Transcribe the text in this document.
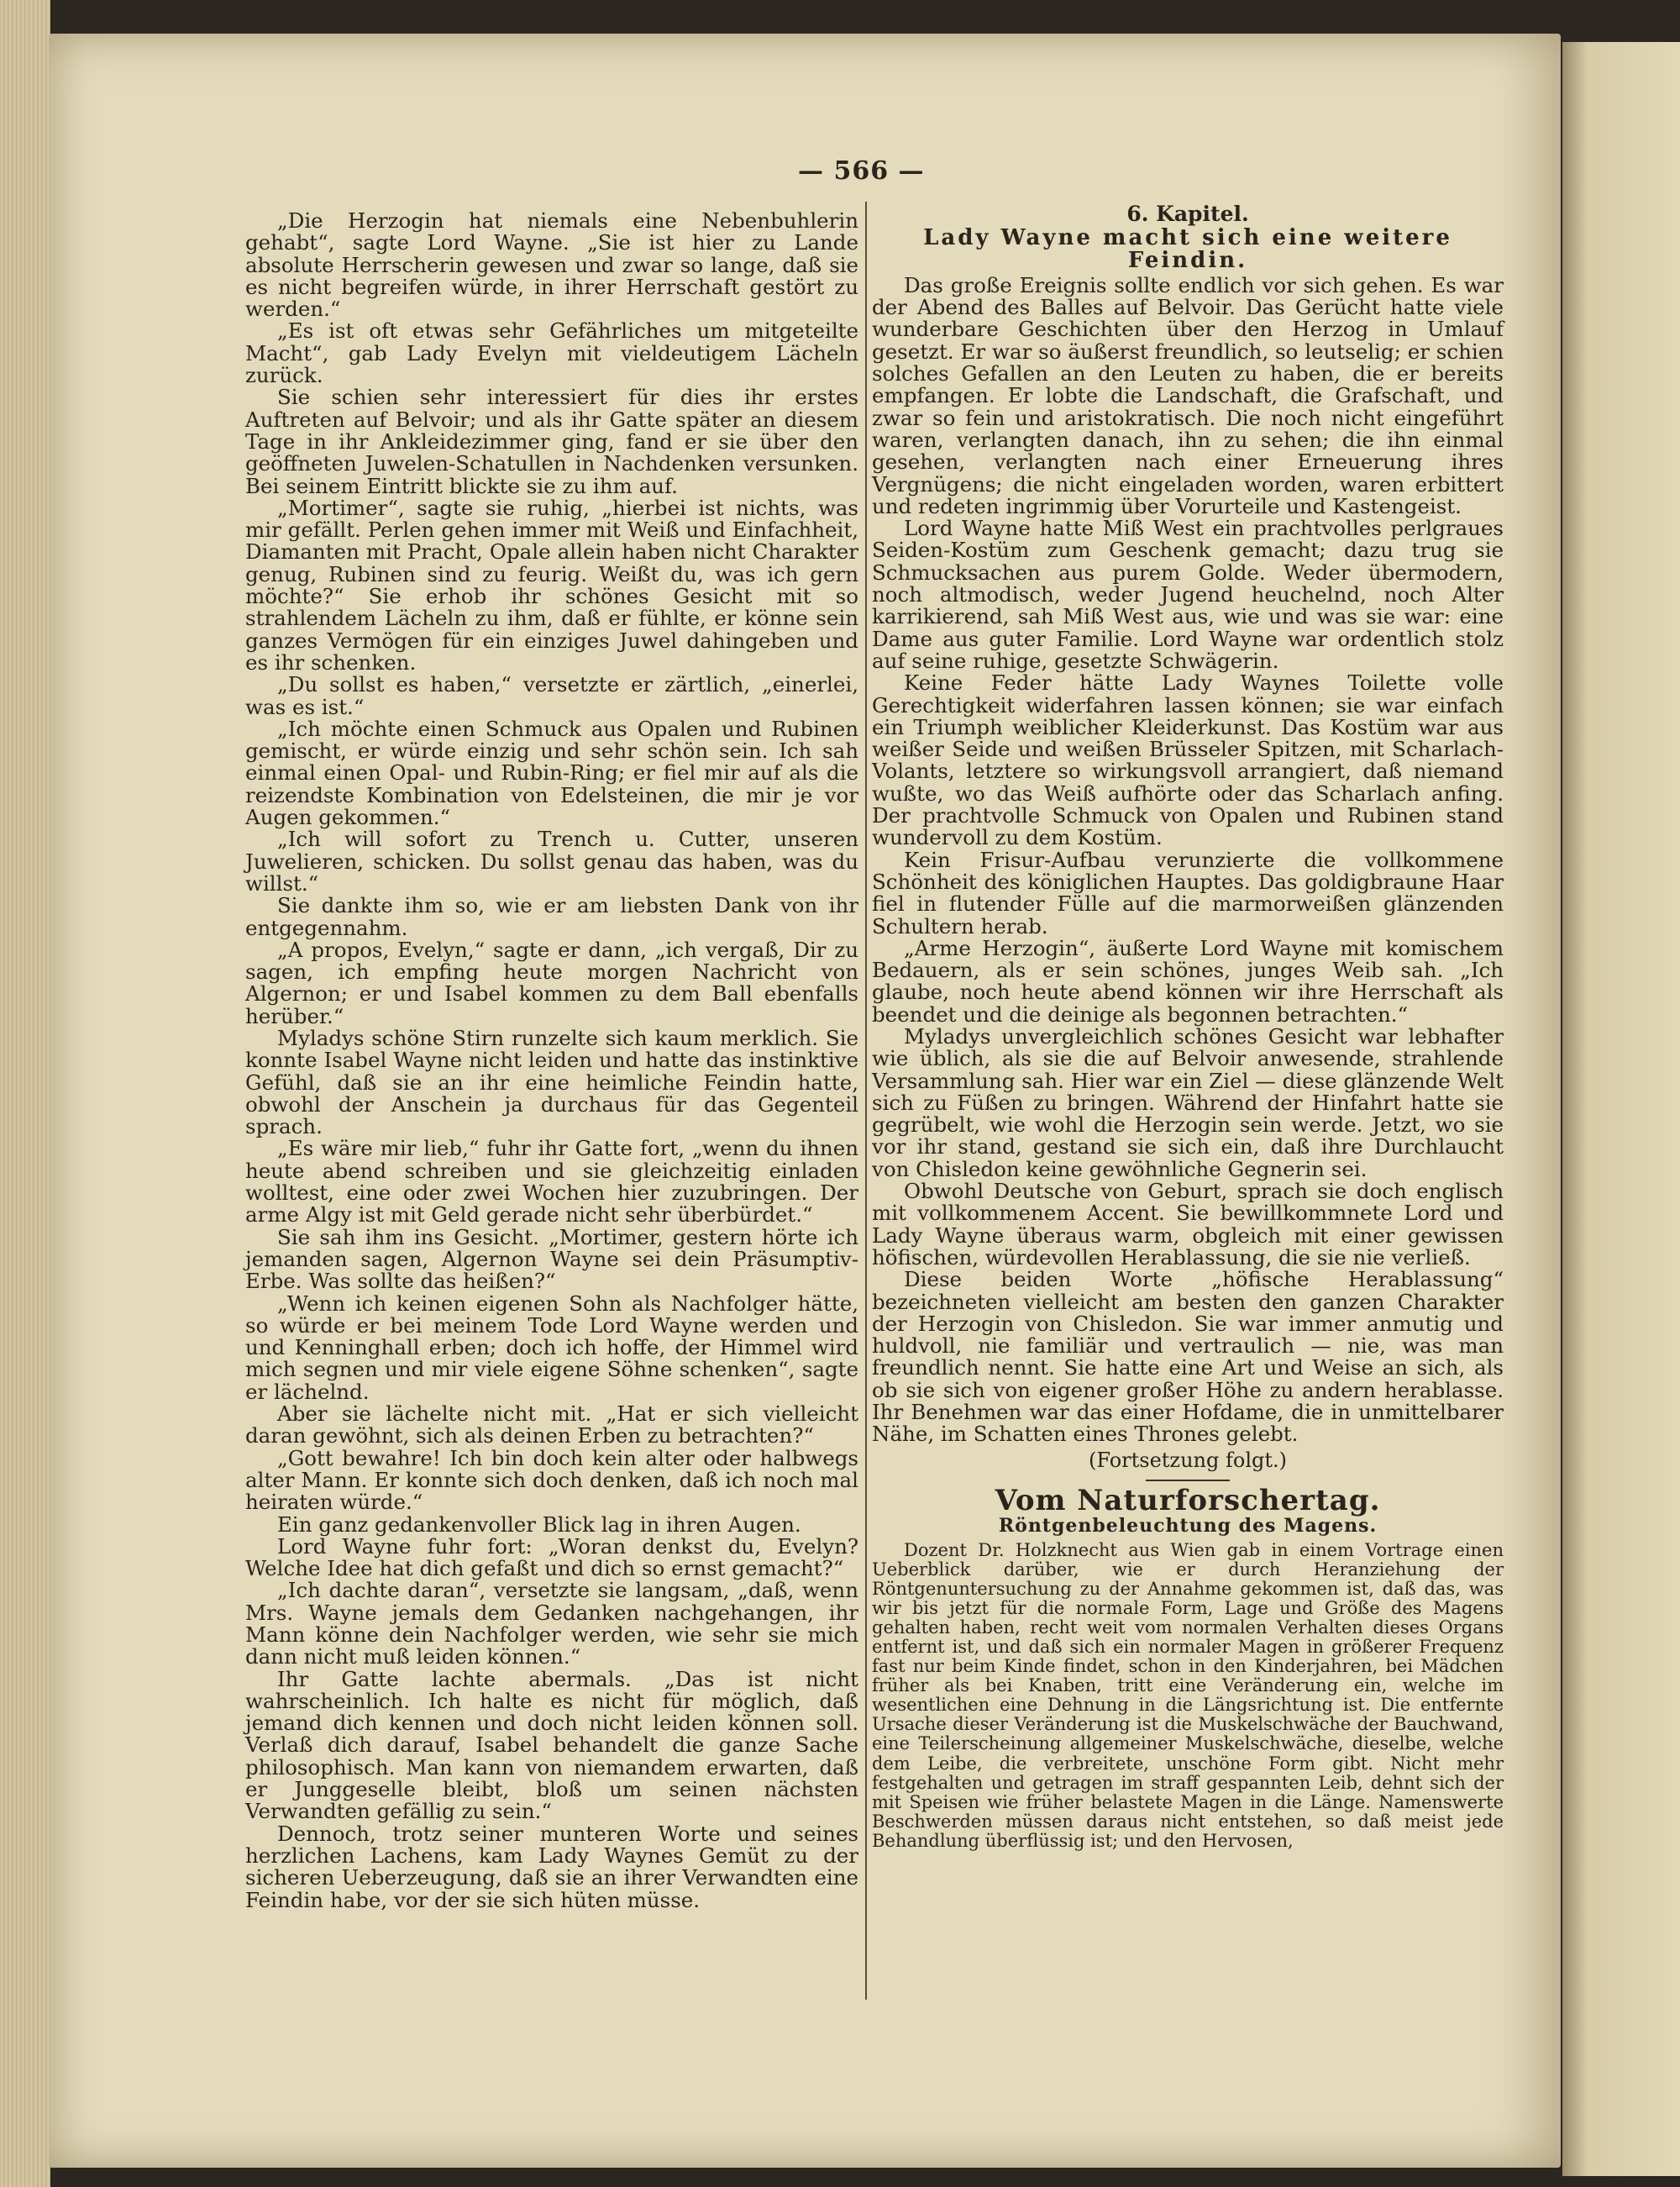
— 566 —

„Die Herzogin hat niemals eine Nebenbuhlerin gehabt“, sagte Lord Wayne. „Sie ist hier zu Lande absolute Herrscherin gewesen und zwar so lange, daß sie es nicht begreifen würde, in ihrer Herrschaft gestört zu werden.“

„Es ist oft etwas sehr Gefährliches um mitgeteilte Macht“, gab Lady Evelyn mit vieldeutigem Lächeln zurück.

Sie schien sehr interessiert für dies ihr erstes Auftreten auf Belvoir; und als ihr Gatte später an diesem Tage in ihr Ankleidezimmer ging, fand er sie über den geöffneten Juwelen-Schatullen in Nachdenken versunken. Bei seinem Eintritt blickte sie zu ihm auf.

„Mortimer“, sagte sie ruhig, „hierbei ist nichts, was mir gefällt. Perlen gehen immer mit Weiß und Einfachheit, Diamanten mit Pracht, Opale allein haben nicht Charakter genug, Rubinen sind zu feurig. Weißt du, was ich gern möchte?“ Sie erhob ihr schönes Gesicht mit so strahlendem Lächeln zu ihm, daß er fühlte, er könne sein ganzes Vermögen für ein einziges Juwel dahingeben und es ihr schenken.

„Du sollst es haben,“ versetzte er zärtlich, „einerlei, was es ist.“

„Ich möchte einen Schmuck aus Opalen und Rubinen gemischt, er würde einzig und sehr schön sein. Ich sah einmal einen Opal- und Rubin-Ring; er fiel mir auf als die reizendste Kombination von Edelsteinen, die mir je vor Augen gekommen.“

„Ich will sofort zu Trench u. Cutter, unseren Juwelieren, schicken. Du sollst genau das haben, was du willst.“

Sie dankte ihm so, wie er am liebsten Dank von ihr entgegennahm.

„A propos, Evelyn,“ sagte er dann, „ich vergaß, Dir zu sagen, ich empfing heute morgen Nachricht von Algernon; er und Isabel kommen zu dem Ball ebenfalls herüber.“

Myladys schöne Stirn runzelte sich kaum merklich. Sie konnte Isabel Wayne nicht leiden und hatte das instinktive Gefühl, daß sie an ihr eine heimliche Feindin hatte, obwohl der Anschein ja durchaus für das Gegenteil sprach.

„Es wäre mir lieb,“ fuhr ihr Gatte fort, „wenn du ihnen heute abend schreiben und sie gleichzeitig einladen wolltest, eine oder zwei Wochen hier zuzubringen. Der arme Algy ist mit Geld gerade nicht sehr überbürdet.“

Sie sah ihm ins Gesicht. „Mortimer, gestern hörte ich jemanden sagen, Algernon Wayne sei dein Präsumptiv-Erbe. Was sollte das heißen?“

„Wenn ich keinen eigenen Sohn als Nachfolger hätte, so würde er bei meinem Tode Lord Wayne werden und und Kenninghall erben; doch ich hoffe, der Himmel wird mich segnen und mir viele eigene Söhne schenken“, sagte er lächelnd.

Aber sie lächelte nicht mit. „Hat er sich vielleicht daran gewöhnt, sich als deinen Erben zu betrachten?“

„Gott bewahre! Ich bin doch kein alter oder halbwegs alter Mann. Er konnte sich doch denken, daß ich noch mal heiraten würde.“

Ein ganz gedankenvoller Blick lag in ihren Augen.

Lord Wayne fuhr fort: „Woran denkst du, Evelyn? Welche Idee hat dich gefaßt und dich so ernst gemacht?“

„Ich dachte daran“, versetzte sie langsam, „daß, wenn Mrs. Wayne jemals dem Gedanken nachgehangen, ihr Mann könne dein Nachfolger werden, wie sehr sie mich dann nicht muß leiden können.“

Ihr Gatte lachte abermals. „Das ist nicht wahrscheinlich. Ich halte es nicht für möglich, daß jemand dich kennen und doch nicht leiden können soll. Verlaß dich darauf, Isabel behandelt die ganze Sache philosophisch. Man kann von niemandem erwarten, daß er Junggeselle bleibt, bloß um seinen nächsten Verwandten gefällig zu sein.“

Dennoch, trotz seiner munteren Worte und seines herzlichen Lachens, kam Lady Waynes Gemüt zu der sicheren Ueberzeugung, daß sie an ihrer Verwandten eine Feindin habe, vor der sie sich hüten müsse.

6. Kapitel.
Lady Wayne macht sich eine weitere Feindin.

Das große Ereignis sollte endlich vor sich gehen. Es war der Abend des Balles auf Belvoir. Das Gerücht hatte viele wunderbare Geschichten über den Herzog in Umlauf gesetzt. Er war so äußerst freundlich, so leutselig; er schien solches Gefallen an den Leuten zu haben, die er bereits empfangen. Er lobte die Landschaft, die Grafschaft, und zwar so fein und aristokratisch. Die noch nicht eingeführt waren, verlangten danach, ihn zu sehen; die ihn einmal gesehen, verlangten nach einer Erneuerung ihres Vergnügens; die nicht eingeladen worden, waren erbittert und redeten ingrimmig über Vorurteile und Kastengeist.

Lord Wayne hatte Miß West ein prachtvolles perlgraues Seiden-Kostüm zum Geschenk gemacht; dazu trug sie Schmucksachen aus purem Golde. Weder übermodern, noch altmodisch, weder Jugend heuchelnd, noch Alter karrikierend, sah Miß West aus, wie und was sie war: eine Dame aus guter Familie. Lord Wayne war ordentlich stolz auf seine ruhige, gesetzte Schwägerin.

Keine Feder hätte Lady Waynes Toilette volle Gerechtigkeit widerfahren lassen können; sie war einfach ein Triumph weiblicher Kleiderkunst. Das Kostüm war aus weißer Seide und weißen Brüsseler Spitzen, mit Scharlach-Volants, letztere so wirkungsvoll arrangiert, daß niemand wußte, wo das Weiß aufhörte oder das Scharlach anfing. Der prachtvolle Schmuck von Opalen und Rubinen stand wundervoll zu dem Kostüm.

Kein Frisur-Aufbau verunzierte die vollkommene Schönheit des königlichen Hauptes. Das goldigbraune Haar fiel in flutender Fülle auf die marmorweißen glänzenden Schultern herab.

„Arme Herzogin“, äußerte Lord Wayne mit komischem Bedauern, als er sein schönes, junges Weib sah. „Ich glaube, noch heute abend können wir ihre Herrschaft als beendet und die deinige als begonnen betrachten.“

Myladys unvergleichlich schönes Gesicht war lebhafter wie üblich, als sie die auf Belvoir anwesende, strahlende Versammlung sah. Hier war ein Ziel — diese glänzende Welt sich zu Füßen zu bringen. Während der Hinfahrt hatte sie gegrübelt, wie wohl die Herzogin sein werde. Jetzt, wo sie vor ihr stand, gestand sie sich ein, daß ihre Durchlaucht von Chisledon keine gewöhnliche Gegnerin sei.

Obwohl Deutsche von Geburt, sprach sie doch englisch mit vollkommenem Accent. Sie bewillkommnete Lord und Lady Wayne überaus warm, obgleich mit einer gewissen höfischen, würdevollen Herablassung, die sie nie verließ.

Diese beiden Worte „höfische Herablassung“ bezeichneten vielleicht am besten den ganzen Charakter der Herzogin von Chisledon. Sie war immer anmutig und huldvoll, nie familiär und vertraulich — nie, was man freundlich nennt. Sie hatte eine Art und Weise an sich, als ob sie sich von eigener großer Höhe zu andern herablasse. Ihr Benehmen war das einer Hofdame, die in unmittelbarer Nähe, im Schatten eines Thrones gelebt.

(Fortsetzung folgt.)
Vom Naturforschertag.
Röntgenbeleuchtung des Magens.

Dozent Dr. Holzknecht aus Wien gab in einem Vortrage einen Ueberblick darüber, wie er durch Heranziehung der Röntgenuntersuchung zu der Annahme gekommen ist, daß das, was wir bis jetzt für die normale Form, Lage und Größe des Magens gehalten haben, recht weit vom normalen Verhalten dieses Organs entfernt ist, und daß sich ein normaler Magen in größerer Frequenz fast nur beim Kinde findet, schon in den Kinderjahren, bei Mädchen früher als bei Knaben, tritt eine Veränderung ein, welche im wesentlichen eine Dehnung in die Längsrichtung ist. Die entfernte Ursache dieser Veränderung ist die Muskelschwäche der Bauchwand, eine Teilerscheinung allgemeiner Muskelschwäche, dieselbe, welche dem Leibe, die verbreitete, unschöne Form gibt. Nicht mehr festgehalten und getragen im straff gespannten Leib, dehnt sich der mit Speisen wie früher belastete Magen in die Länge. Namenswerte Beschwerden müssen daraus nicht entstehen, so daß meist jede Behandlung überflüssig ist; und den Hervosen,
